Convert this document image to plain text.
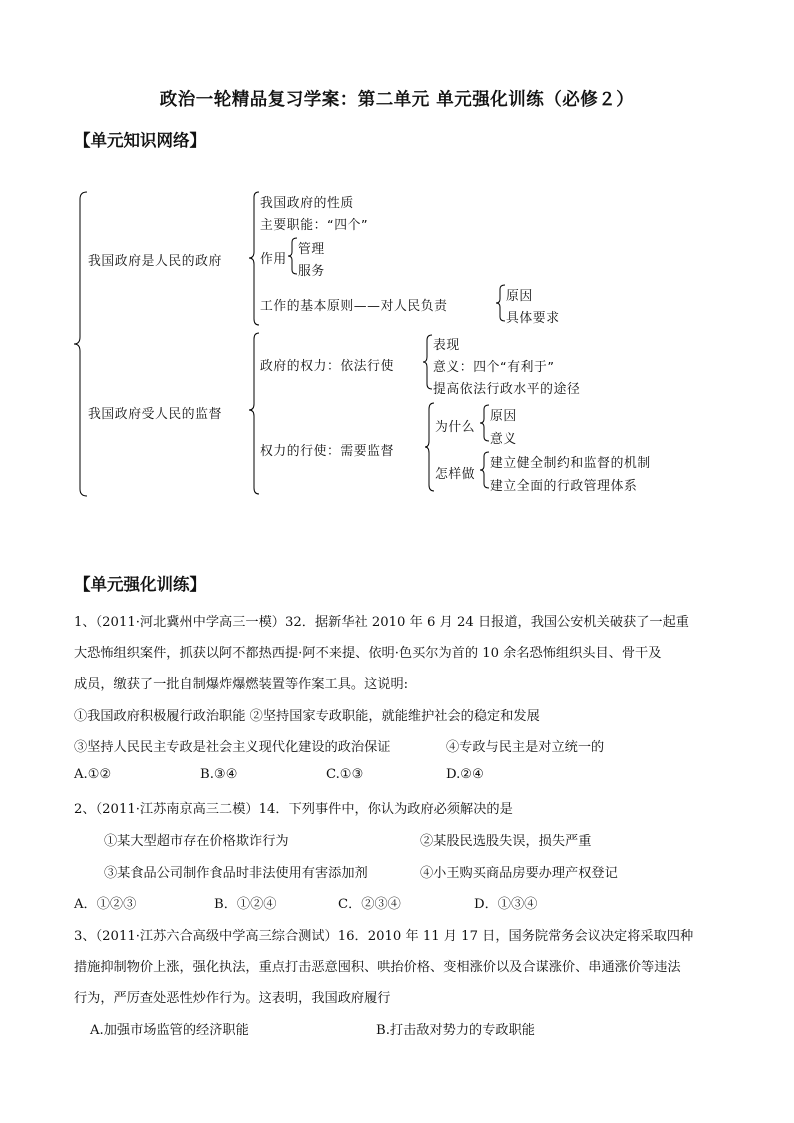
政治一轮精品复习学案：第二单元 单元强化训练（必修２）
【单元知识网络】
我国政府是人民的政府
我国政府的性质
主要职能：“四个”
作用
管理
服务
工作的基本原则——对人民负责
原因
具体要求
我国政府受人民的监督
政府的权力：依法行使
表现
意义：四个“有利于”
提高依法行政水平的途径
权力的行使：需要监督
为什么
原因
意义
怎样做
建立健全制约和监督的机制
建立全面的行政管理体系
【单元强化训练】
1、（2011·河北冀州中学高三一模）32．据新华社 2010 年 6 月 24 日报道，我国公安机关破获了一起重
大恐怖组织案件，抓获以阿不都热西提·阿不来提、依明·色买尔为首的 10 余名恐怖组织头目、骨干及
成员，缴获了一批自制爆炸爆燃装置等作案工具。这说明:
①我国政府积极履行政治职能 ②坚持国家专政职能，就能维护社会的稳定和发展
③坚持人民民主专政是社会主义现代化建设的政治保证	④专政与民主是对立统一的
A.①②	B.③④	C.①③	D.②④
2、（2011·江苏南京高三二模）14．下列事件中，你认为政府必须解决的是
①某大型超市存在价格欺诈行为	②某股民选股失误，损失严重
③某食品公司制作食品时非法使用有害添加剂	④小王购买商品房要办理产权登记
A．①②③	B．①②④	C．②③④	D．①③④
3、（2011·江苏六合高级中学高三综合测试）16．2010 年 11 月 17 日，国务院常务会议决定将采取四种
措施抑制物价上涨，强化执法，重点打击恶意囤积、哄抬价格、变相涨价以及合谋涨价、串通涨价等违法
行为，严厉查处恶性炒作行为。这表明，我国政府履行
A.加强市场监管的经济职能	B.打击敌对势力的专政职能
